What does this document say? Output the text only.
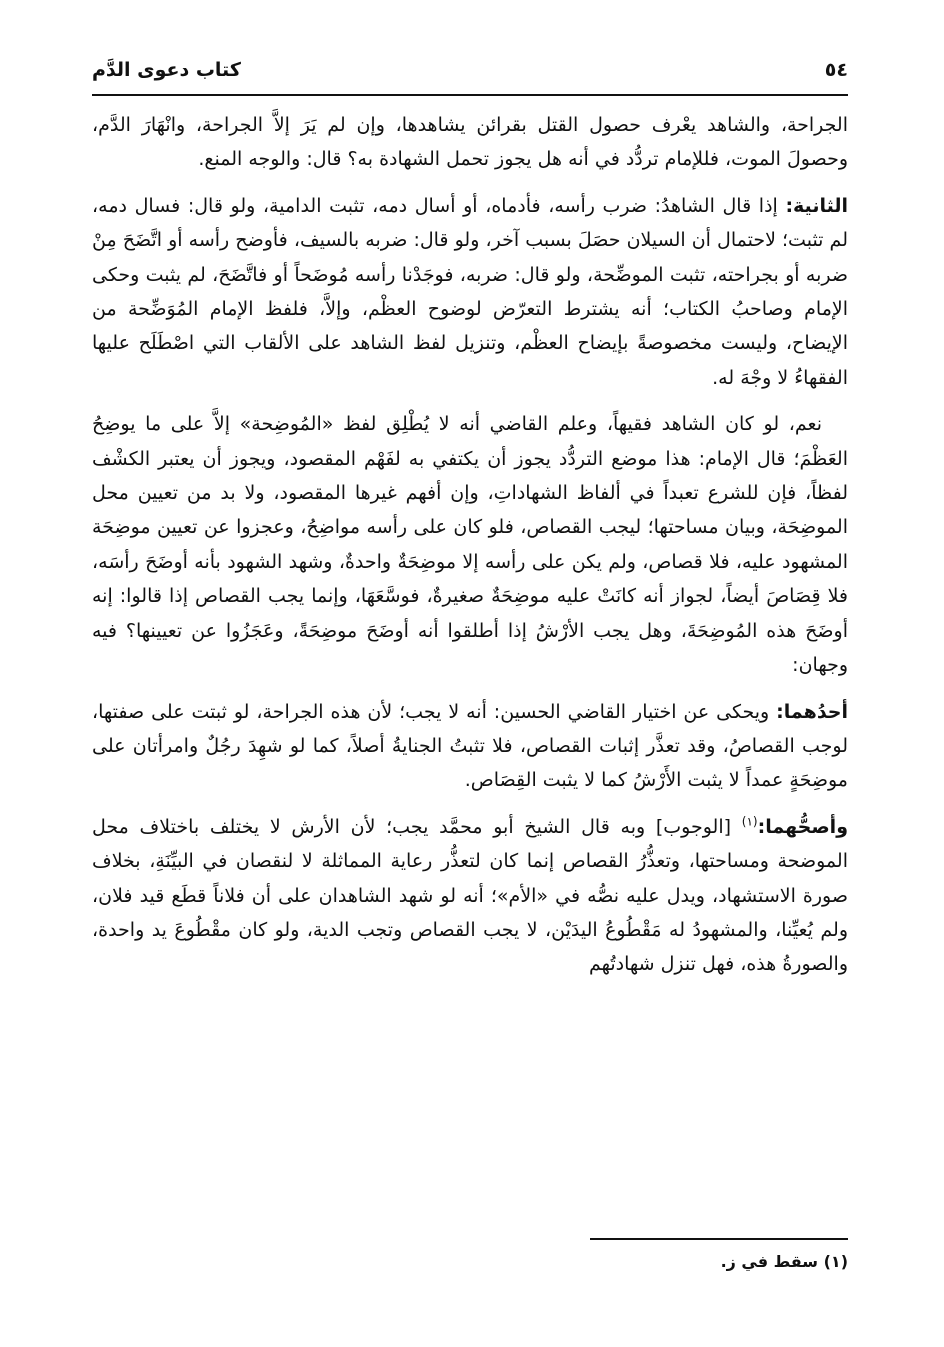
٥٤
كتاب دعوى الدَّم

الجراحة، والشاهد يعْرف حصول القتل بقرائن يشاهدها، وإن لم يَرَ إلاَّ الجراحة، وانْهَارَ الدَّم، وحصولَ الموت، فللإمام تردُّد في أنه هل يجوز تحمل الشهادة به؟ قال: والوجه المنع.

الثانية: إذا قال الشاهدُ: ضرب رأسه، فأدماه، أو أسال دمه، تثبت الدامية، ولو قال: فسال دمه، لم تثبت؛ لاحتمال أن السيلان حصَلَ بسبب آخر، ولو قال: ضربه بالسيف، فأوضح رأسه أو اتَّضَحَ مِنْ ضربه أو بجراحته، تثبت الموضِّحة، ولو قال: ضربه، فوجَدْنا رأسه مُوضَحاً أو فاتَّضَحَ، لم يثبت وحكى الإمام وصاحبُ الكتاب؛ أنه يشترط التعرّض لوضوح العظْم، وإلاَّ، فلفظ الإمام المُوَضِّحة من الإيضاح، وليست مخصوصةً بإيضاح العظْم، وتنزيل لفظ الشاهد على الألقاب التي اصْطَلَح عليها الفقهاءُ لا وجْهَ له.

نعم، لو كان الشاهد فقيهاً، وعلم القاضي أنه لا يُطْلِق لفظ «المُوضِحة» إلاَّ على ما يوضِحُ العَظْمَ؛ قال الإمام: هذا موضع التردُّد يجوز أن يكتفي به لفَهْم المقصود، ويجوز أن يعتبر الكشْف لفظاً، فإن للشرع تعبداً في ألفاظ الشهاداتِ، وإن أفهم غيرها المقصود، ولا بد من تعيين محل الموضِحَة، وبيان مساحتها؛ ليجب القصاص، فلو كان على رأسه مواضِحُ، وعجزوا عن تعيين موضِحَة المشهود عليه، فلا قصاص، ولم يكن على رأسه إلا موضِحَةٌ واحدةٌ، وشهد الشهود بأنه أوضَحَ رأسَه، فلا قِصَاصَ أيضاً، لجواز أنه كانَتْ عليه موضِحَةٌ صغيرةٌ، فوسَّعَهَا، وإنما يجب القصاص إذا قالوا: إنه أوضَحَ هذه المُوضِحَةَ، وهل يجب الأرْشُ إذا أطلقوا أنه أوضَحَ موضِحَةً، وعَجَزُوا عن تعيينها؟ فيه وجهان:

أحدُهما: ويحكى عن اختيار القاضي الحسين: أنه لا يجب؛ لأن هذه الجراحة، لو ثبتت على صفتها، لوجب القصاصُ، وقد تعذَّر إثبات القصاص، فلا تثبتُ الجنايةُ أصلاً، كما لو شهِدَ رجُلٌ وامرأتان على موضِحَةٍ عمداً لا يثبت الأَرْشُ كما لا يثبت القِصَاص.

وأصحُّهما:$^{(١)}$ [الوجوب] وبه قال الشيخ أبو محمَّد يجب؛ لأن الأرش لا يختلف باختلاف محل الموضحة ومساحتها، وتعذُّرُ القصاص إنما كان لتعذُّر رعاية المماثلة لا لنقصان في البيِّنَةِ، بخلاف صورة الاستشهاد، ويدل عليه نصُّه في «الأم»؛ أنه لو شهد الشاهدان على أن فلاناً قطَع قيد فلان، ولم يُعيِّنا، والمشهودُ له مَقْطُوعُ اليدَيْن، لا يجب القصاص وتجب الدية، ولو كان مقْطُوعَ يد واحدة، والصورةُ هذه، فهل تنزل شهادتُهم

(١) سقط في ز.
